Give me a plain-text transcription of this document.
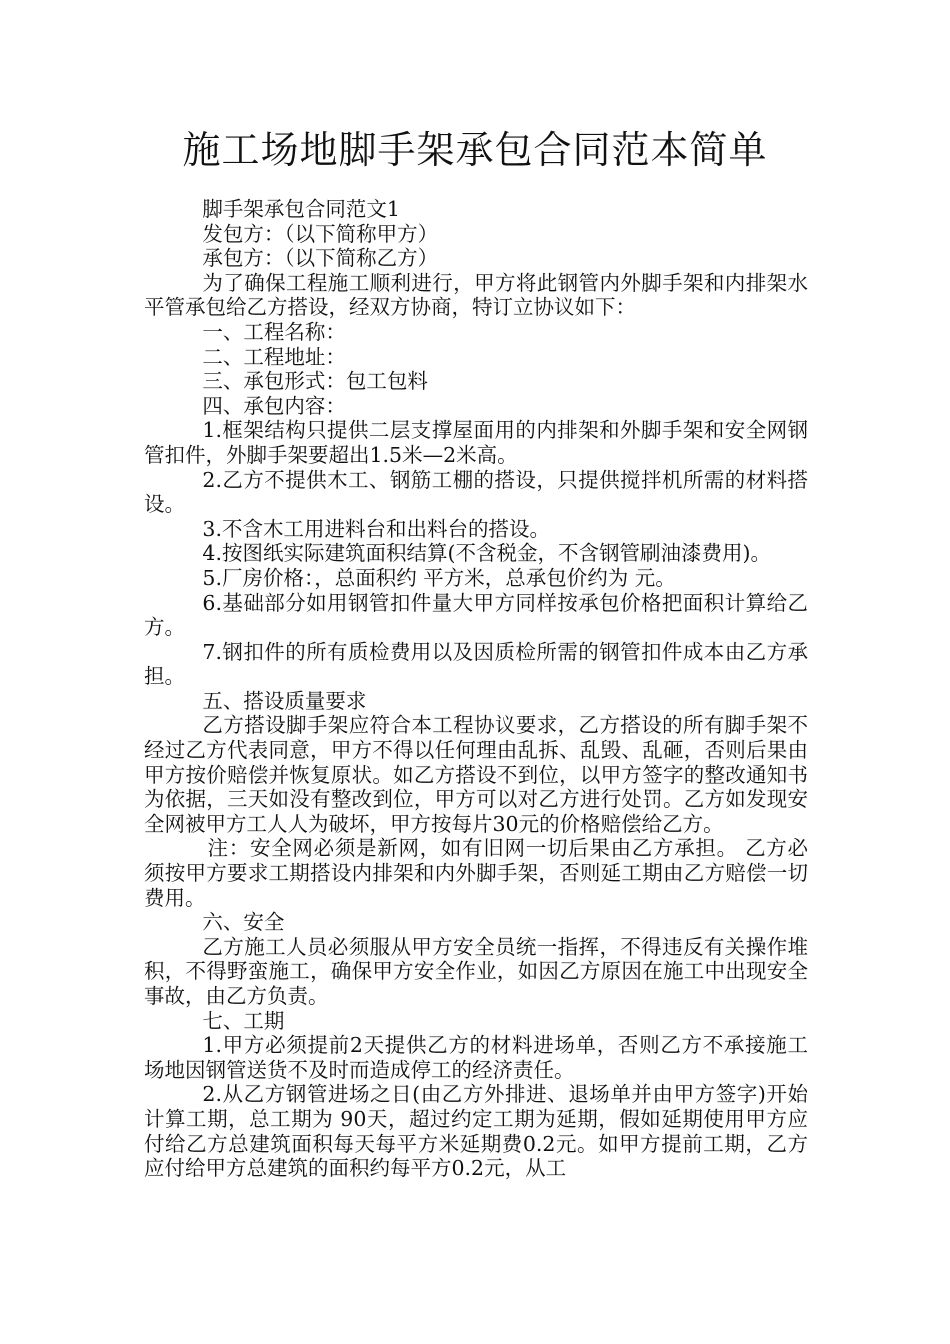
施工场地脚手架承包合同范本简单

脚手架承包合同范文1

发包方：（以下简称甲方）

承包方：（以下简称乙方）

为了确保工程施工顺利进行，甲方将此钢管内外脚手架和内排架水平管承包给乙方搭设，经双方协商，特订立协议如下：

一、工程名称：

二、工程地址：

三、承包形式：包工包料

四、承包内容：

1.框架结构只提供二层支撑屋面用的内排架和外脚手架和安全网钢管扣件，外脚手架要超出1.5米—2米高。

2.乙方不提供木工、钢筋工棚的搭设，只提供搅拌机所需的材料搭设。

3.不含木工用进料台和出料台的搭设。

4.按图纸实际建筑面积结算(不含税金，不含钢管刷油漆费用)。

5.厂房价格：，总面积约 平方米，总承包价约为 元。

6.基础部分如用钢管扣件量大甲方同样按承包价格把面积计算给乙方。

7.钢扣件的所有质检费用以及因质检所需的钢管扣件成本由乙方承担。

五、搭设质量要求

乙方搭设脚手架应符合本工程协议要求，乙方搭设的所有脚手架不经过乙方代表同意，甲方不得以任何理由乱拆、乱毁、乱砸，否则后果由甲方按价赔偿并恢复原状。如乙方搭设不到位，以甲方签字的整改通知书为依据，三天如没有整改到位，甲方可以对乙方进行处罚。乙方如发现安全网被甲方工人人为破坏，甲方按每片30元的价格赔偿给乙方。

注：安全网必须是新网，如有旧网一切后果由乙方承担。 乙方必须按甲方要求工期搭设内排架和内外脚手架，否则延工期由乙方赔偿一切费用。

六、安全

乙方施工人员必须服从甲方安全员统一指挥，不得违反有关操作堆积，不得野蛮施工，确保甲方安全作业，如因乙方原因在施工中出现安全事故，由乙方负责。

七、工期

1.甲方必须提前2天提供乙方的材料进场单，否则乙方不承接施工场地因钢管送货不及时而造成停工的经济责任。

2.从乙方钢管进场之日(由乙方外排进、退场单并由甲方签字)开始计算工期，总工期为 90天，超过约定工期为延期，假如延期使用甲方应付给乙方总建筑面积每天每平方米延期费0.2元。如甲方提前工期，乙方应付给甲方总建筑的面积约每平方0.2元，从工
